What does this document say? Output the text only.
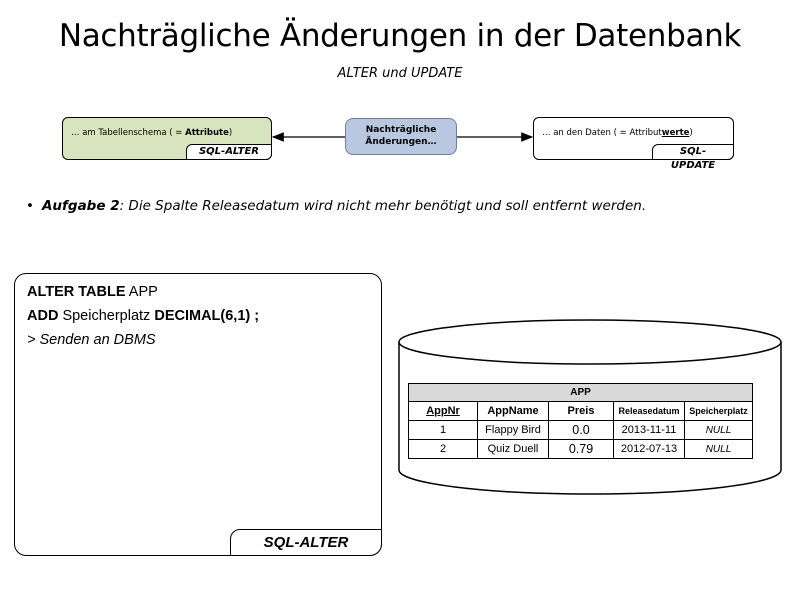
Nachträgliche Änderungen in der Datenbank
ALTER und UPDATE
… am Tabellenschema ( = Attribute)
SQL-ALTER
Nachträgliche
Änderungen…
… an den Daten ( = Attributwerte)
SQL-UPDATE
• Aufgabe 2: Die Spalte Releasedatum wird nicht mehr benötigt und soll entfernt werden.
ALTER TABLE APP
ADD Speicherplatz DECIMAL(6,1) ;
> Senden an DBMS
SQL-ALTER
APP				
AppNr	AppName	Preis	Releasedatum	Speicherplatz
1	Flappy Bird	0.0	2013-11-11	NULL
2	Quiz Duell	0.79	2012-07-13	NULL
